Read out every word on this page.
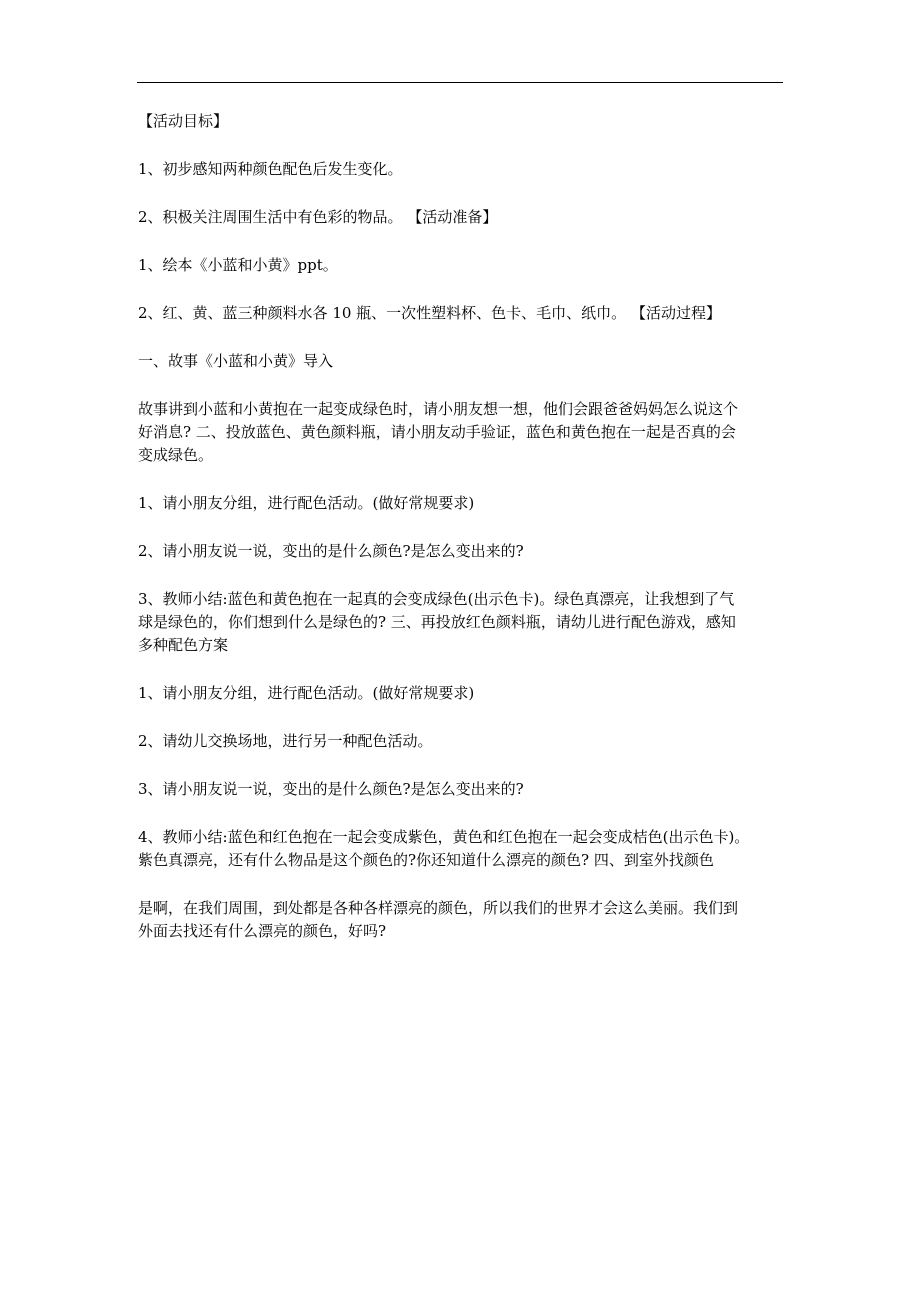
【活动目标】

1、初步感知两种颜色配色后发生变化。

2、积极关注周围生活中有色彩的物品。 【活动准备】

1、绘本《小蓝和小黄》ppt。

2、红、黄、蓝三种颜料水各 10 瓶、一次性塑料杯、色卡、毛巾、纸巾。 【活动过程】

一、故事《小蓝和小黄》导入

故事讲到小蓝和小黄抱在一起变成绿色时，请小朋友想一想，他们会跟爸爸妈妈怎么说这个
好消息? 二、投放蓝色、黄色颜料瓶，请小朋友动手验证，蓝色和黄色抱在一起是否真的会
变成绿色。

1、请小朋友分组，进行配色活动。(做好常规要求)

2、请小朋友说一说，变出的是什么颜色?是怎么变出来的?

3、教师小结:蓝色和黄色抱在一起真的会变成绿色(出示色卡)。绿色真漂亮，让我想到了气
球是绿色的，你们想到什么是绿色的? 三、再投放红色颜料瓶，请幼儿进行配色游戏，感知
多种配色方案

1、请小朋友分组，进行配色活动。(做好常规要求)

2、请幼儿交换场地，进行另一种配色活动。

3、请小朋友说一说，变出的是什么颜色?是怎么变出来的?

4、教师小结:蓝色和红色抱在一起会变成紫色，黄色和红色抱在一起会变成桔色(出示色卡)。
紫色真漂亮，还有什么物品是这个颜色的?你还知道什么漂亮的颜色? 四、到室外找颜色

是啊，在我们周围，到处都是各种各样漂亮的颜色，所以我们的世界才会这么美丽。我们到
外面去找还有什么漂亮的颜色，好吗?
